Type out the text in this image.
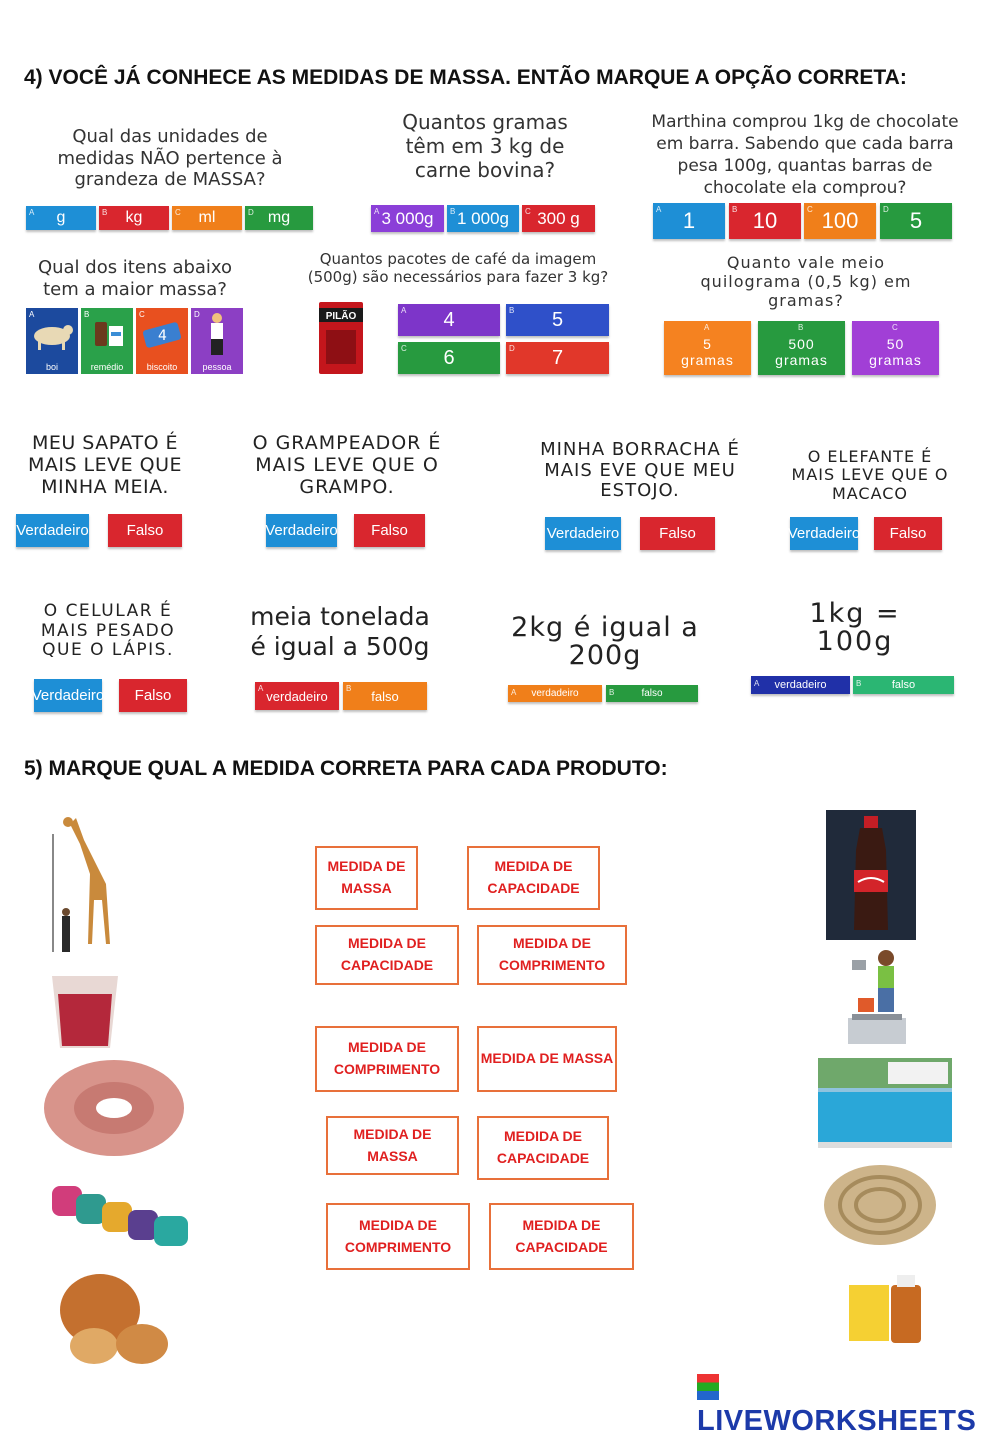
4) VOCÊ JÁ CONHECE AS MEDIDAS DE MASSA. ENTÃO MARQUE A OPÇÃO CORRETA:
Qual das unidades de medidas NÃO pertence à grandeza de MASSA?
A g	B kg	C ml	D mg
Quantos gramas têm em 3 kg de carne bovina?
A 3 000g B 1 000g C 300 g
Marthina comprou 1kg de chocolate em barra. Sabendo que cada barra pesa 100g, quantas barras de chocolate ela comprou?
A 1	B 10	C 100	D 5
Qual dos itens abaixo tem a maior massa?
A
boi
B
remédio
C
4
biscoito
D
pessoa
Quantos pacotes de café da imagem (500g) são necessários para fazer 3 kg?
PILÃO
A 4	B 5
C 6	D 7
Quanto vale meio quilograma (0,5 kg) em gramas?
A
5
gramas
B
500
gramas
C
50
gramas
MEU SAPATO É MAIS LEVE QUE MINHA MEIA.
Verdadeiro	Falso
O GRAMPEADOR É MAIS LEVE QUE O GRAMPO.
Verdadeiro	Falso
MINHA BORRACHA É MAIS EVE QUE MEU ESTOJO.
Verdadeiro	Falso
O ELEFANTE É MAIS LEVE QUE O MACACO
Verdadeiro	Falso
O CELULAR É MAIS PESADO QUE O LÁPIS.
Verdadeiro	Falso
meia tonelada é igual a 500g
A verdadeiro B falso
2kg é igual a 200g
A verdadeiro	B	falso
1kg = 100g
A verdadeiro	B	falso
5) MARQUE QUAL A MEDIDA CORRETA PARA CADA PRODUTO:
MEDIDA DE MASSA
MEDIDA DE CAPACIDADE
MEDIDA DE CAPACIDADE
MEDIDA DE COMPRIMENTO
MEDIDA DE COMPRIMENTO
MEDIDA DE MASSA
MEDIDA DE MASSA
MEDIDA DE CAPACIDADE
MEDIDA DE COMPRIMENTO
MEDIDA DE CAPACIDADE
LIVEWORKSHEETS
